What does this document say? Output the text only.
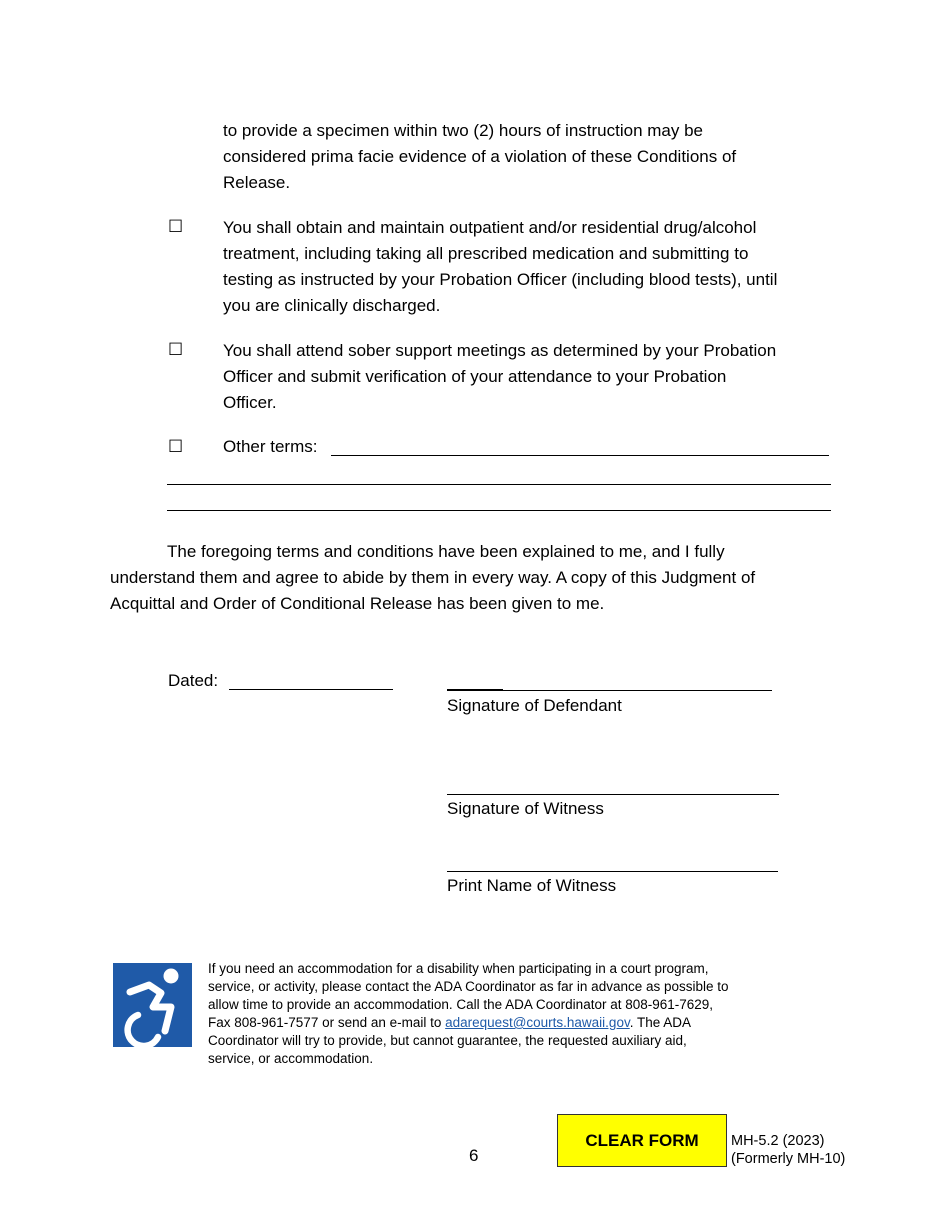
to provide a specimen within two (2) hours of instruction may be

considered prima facie evidence of a violation of these Conditions of

Release.

☐ You shall obtain and maintain outpatient and/or residential drug/alcohol

treatment, including taking all prescribed medication and submitting to

testing as instructed by your Probation Officer (including blood tests), until

you are clinically discharged.

☐ You shall attend sober support meetings as determined by your Probation

Officer and submit verification of your attendance to your Probation

Officer.

☐ Other terms:

The foregoing terms and conditions have been explained to me, and I fully

understand them and agree to abide by them in every way. A copy of this Judgment of

Acquittal and Order of Conditional Release has been given to me.

Dated:

Signature of Defendant

Signature of Witness

Print Name of Witness

If you need an accommodation for a disability when participating in a court program,
service, or activity, please contact the ADA Coordinator as far in advance as possible to
allow time to provide an accommodation. Call the ADA Coordinator at 808-961-7629,
Fax 808-961-7577 or send an e-mail to adarequest@courts.hawaii.gov. The ADA
Coordinator will try to provide, but cannot guarantee, the requested auxiliary aid,
service, or accommodation.

CLEAR FORM
6

MH-5.2 (2023)
(Formerly MH-10)
